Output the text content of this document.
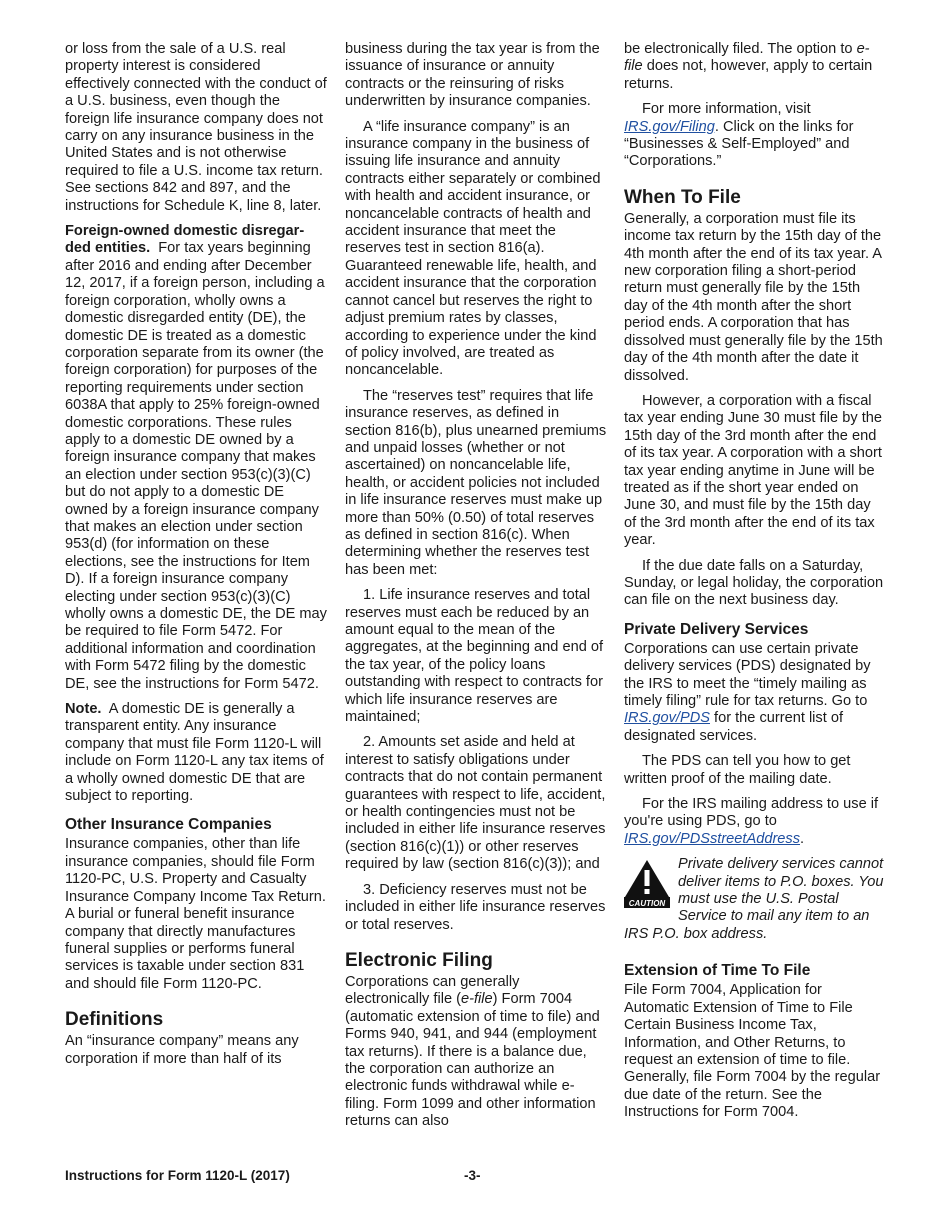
or loss from the sale of a U.S. real property interest is considered effectively connected with the conduct of a U.S. business, even though the foreign life insurance company does not carry on any insurance business in the United States and is not otherwise required to file a U.S. income tax return. See sections 842 and 897, and the instructions for Schedule K, line 8, later.

Foreign-owned domestic disregar-ded entities. For tax years beginning after 2016 and ending after December 12, 2017, if a foreign person, including a foreign corporation, wholly owns a domestic disregarded entity (DE), the domestic DE is treated as a domestic corporation separate from its owner (the foreign corporation) for purposes of the reporting requirements under section 6038A that apply to 25% foreign-owned domestic corporations. These rules apply to a domestic DE owned by a foreign insurance company that makes an election under section 953(c)(3)(C) but do not apply to a domestic DE owned by a foreign insurance company that makes an election under section 953(d) (for information on these elections, see the instructions for Item D). If a foreign insurance company electing under section 953(c)(3)(C) wholly owns a domestic DE, the DE may be required to file Form 5472. For additional information and coordination with Form 5472 filing by the domestic DE, see the instructions for Form 5472.

Note. A domestic DE is generally a transparent entity. Any insurance company that must file Form 1120-L will include on Form 1120-L any tax items of a wholly owned domestic DE that are subject to reporting.

Other Insurance Companies

Insurance companies, other than life insurance companies, should file Form 1120-PC, U.S. Property and Casualty Insurance Company Income Tax Return. A burial or funeral benefit insurance company that directly manufactures funeral supplies or performs funeral services is taxable under section 831 and should file Form 1120-PC.

Definitions

An “insurance company” means any corporation if more than half of its

business during the tax year is from the issuance of insurance or annuity contracts or the reinsuring of risks underwritten by insurance companies.

A “life insurance company” is an insurance company in the business of issuing life insurance and annuity contracts either separately or combined with health and accident insurance, or noncancelable contracts of health and accident insurance that meet the reserves test in section 816(a). Guaranteed renewable life, health, and accident insurance that the corporation cannot cancel but reserves the right to adjust premium rates by classes, according to experience under the kind of policy involved, are treated as noncancelable.

The “reserves test” requires that life insurance reserves, as defined in section 816(b), plus unearned premiums and unpaid losses (whether or not ascertained) on noncancelable life, health, or accident policies not included in life insurance reserves must make up more than 50% (0.50) of total reserves as defined in section 816(c). When determining whether the reserves test has been met:

1. Life insurance reserves and total reserves must each be reduced by an amount equal to the mean of the aggregates, at the beginning and end of the tax year, of the policy loans outstanding with respect to contracts for which life insurance reserves are maintained;

2. Amounts set aside and held at interest to satisfy obligations under contracts that do not contain permanent guarantees with respect to life, accident, or health contingencies must not be included in either life insurance reserves (section 816(c)(1)) or other reserves required by law (section 816(c)(3)); and

3. Deficiency reserves must not be included in either life insurance reserves or total reserves.

Electronic Filing

Corporations can generally electronically file (e-file) Form 7004 (automatic extension of time to file) and Forms 940, 941, and 944 (employment tax returns). If there is a balance due, the corporation can authorize an electronic funds withdrawal while e-filing. Form 1099 and other information returns can also

be electronically filed. The option to e-file does not, however, apply to certain returns.

For more information, visit IRS.gov/Filing. Click on the links for “Businesses & Self-Employed” and “Corporations.”

When To File

Generally, a corporation must file its income tax return by the 15th day of the 4th month after the end of its tax year. A new corporation filing a short-period return must generally file by the 15th day of the 4th month after the short period ends. A corporation that has dissolved must generally file by the 15th day of the 4th month after the date it dissolved.

However, a corporation with a fiscal tax year ending June 30 must file by the 15th day of the 3rd month after the end of its tax year. A corporation with a short tax year ending anytime in June will be treated as if the short year ended on June 30, and must file by the 15th day of the 3rd month after the end of its tax year.

If the due date falls on a Saturday, Sunday, or legal holiday, the corporation can file on the next business day.

Private Delivery Services

Corporations can use certain private delivery services (PDS) designated by the IRS to meet the “timely mailing as timely filing” rule for tax returns. Go to IRS.gov/PDS for the current list of designated services.

The PDS can tell you how to get written proof of the mailing date.

For the IRS mailing address to use if you're using PDS, go to IRS.gov/PDSstreetAddress.

CAUTION
Private delivery services cannot deliver items to P.O. boxes. You must use the U.S. Postal Service to mail any item to an IRS P.O. box address.
Extension of Time To File

File Form 7004, Application for Automatic Extension of Time to File Certain Business Income Tax, Information, and Other Returns, to request an extension of time to file. Generally, file Form 7004 by the regular due date of the return. See the Instructions for Form 7004.

Instructions for Form 1120-L (2017)	-3-
